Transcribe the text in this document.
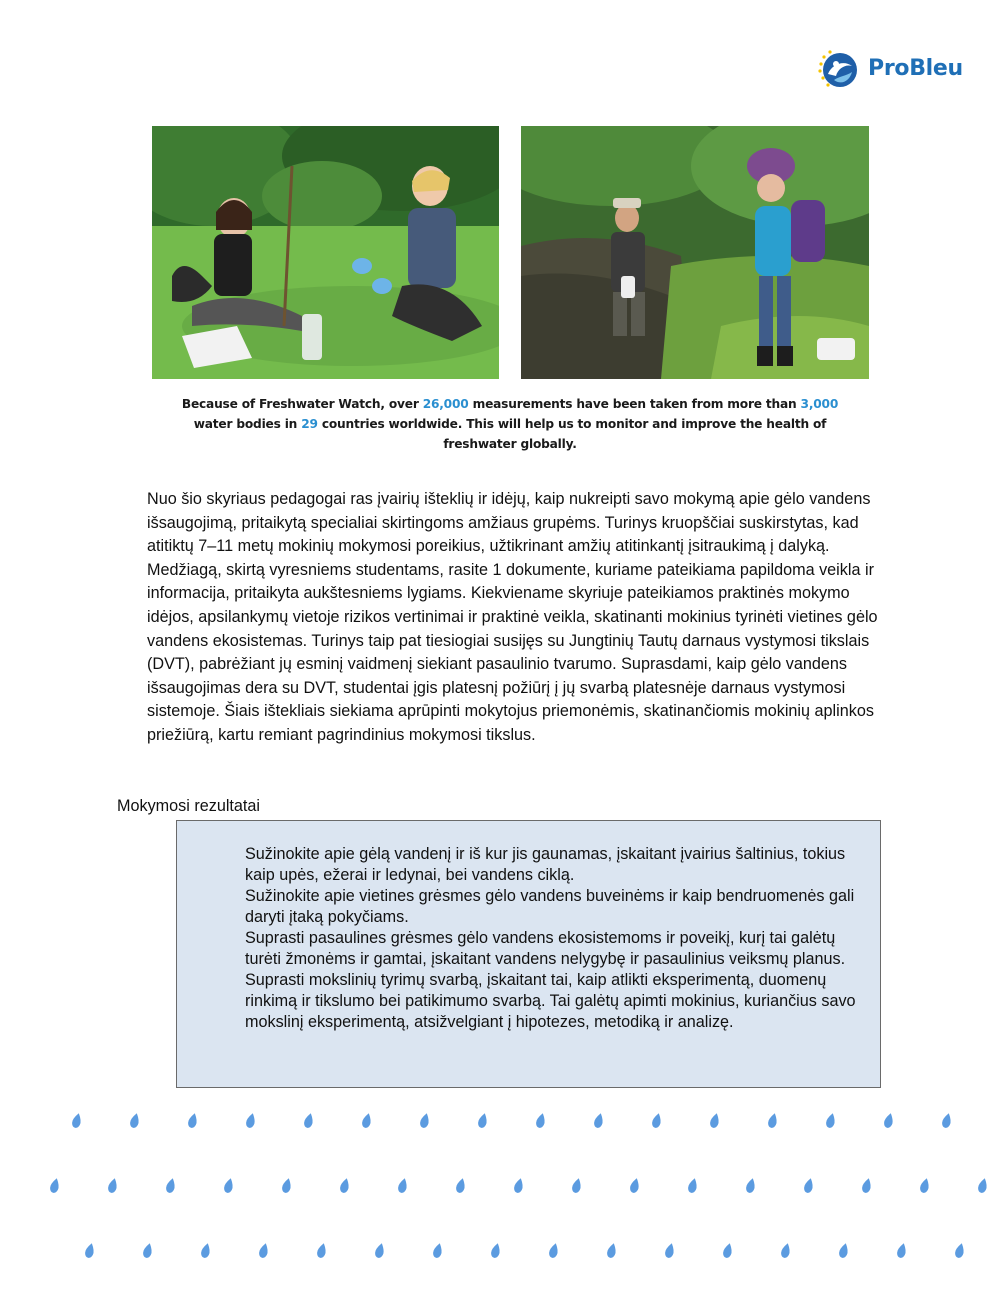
ProBleu
Because of Freshwater Watch, over 26,000 measurements have been taken from more than 3,000
water bodies in 29 countries worldwide. This will help us to monitor and improve the health of
freshwater globally.

Nuo šio skyriaus pedagogai ras įvairių išteklių ir idėjų, kaip nukreipti savo mokymą apie gėlo vandens išsaugojimą, pritaikytą specialiai skirtingoms amžiaus grupėms. Turinys kruopščiai suskirstytas, kad atitiktų 7–11 metų mokinių mokymosi poreikius, užtikrinant amžių atitinkantį įsitraukimą į dalyką. Medžiagą, skirtą vyresniems studentams, rasite 1 dokumente, kuriame pateikiama papildoma veikla ir informacija, pritaikyta aukštesniems lygiams. Kiekviename skyriuje pateikiamos praktinės mokymo idėjos, apsilankymų vietoje rizikos vertinimai ir praktinė veikla, skatinanti mokinius tyrinėti vietines gėlo vandens ekosistemas. Turinys taip pat tiesiogiai susijęs su Jungtinių Tautų darnaus vystymosi tikslais (DVT), pabrėžiant jų esminį vaidmenį siekiant pasaulinio tvarumo. Suprasdami, kaip gėlo vandens išsaugojimas dera su DVT, studentai įgis platesnį požiūrį į jų svarbą platesnėje darnaus vystymosi sistemoje. Šiais ištekliais siekiama aprūpinti mokytojus priemonėmis, skatinančiomis mokinių aplinkos priežiūrą, kartu remiant pagrindinius mokymosi tikslus.

Mokymosi rezultatai
Sužinokite apie gėlą vandenį ir iš kur jis gaunamas, įskaitant įvairius šaltinius, tokius kaip upės, ežerai ir ledynai, bei vandens ciklą.
Sužinokite apie vietines grėsmes gėlo vandens buveinėms ir kaip bendruomenės gali daryti įtaką pokyčiams.
Suprasti pasaulines grėsmes gėlo vandens ekosistemoms ir poveikį, kurį tai galėtų turėti žmonėms ir gamtai, įskaitant vandens nelygybę ir pasaulinius veiksmų planus.
Suprasti mokslinių tyrimų svarbą, įskaitant tai, kaip atlikti eksperimentą, duomenų rinkimą ir tikslumo bei patikimumo svarbą. Tai galėtų apimti mokinius, kuriančius savo mokslinį eksperimentą, atsižvelgiant į hipotezes, metodiką ir analizę.
